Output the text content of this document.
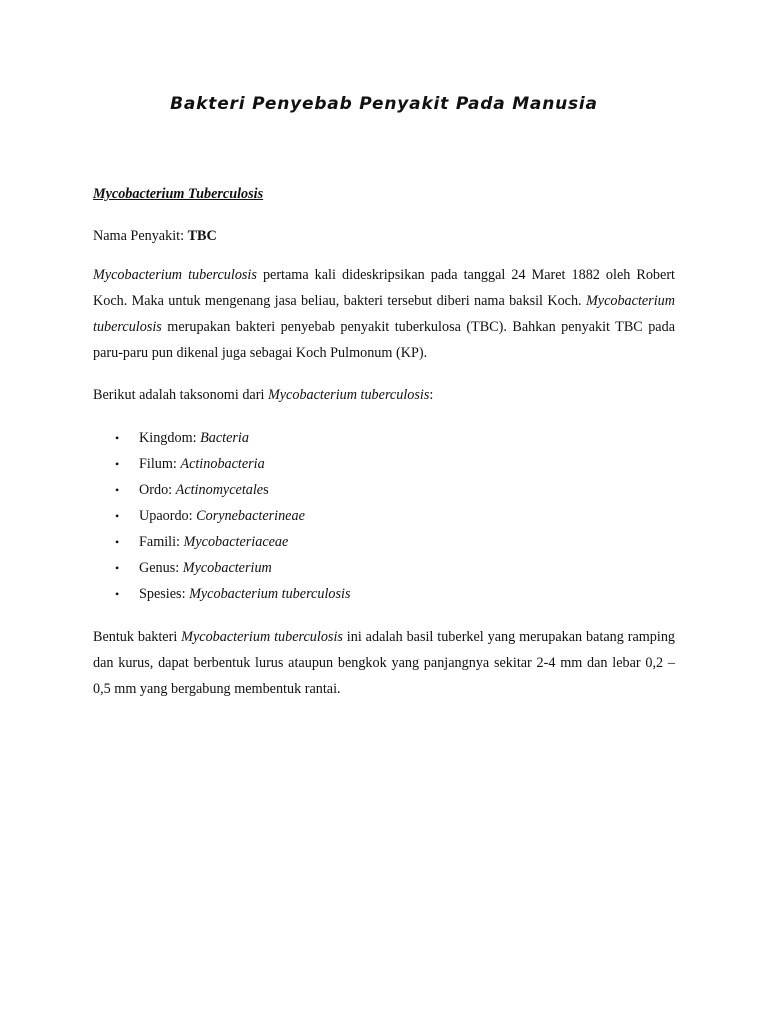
Bakteri Penyebab Penyakit Pada Manusia
Mycobacterium Tuberculosis
Nama Penyakit: TBC
Mycobacterium tuberculosis pertama kali dideskripsikan pada tanggal 24 Maret 1882 oleh Robert Koch. Maka untuk mengenang jasa beliau, bakteri tersebut diberi nama baksil Koch. Mycobacterium tuberculosis merupakan bakteri penyebab penyakit tuberkulosa (TBC). Bahkan penyakit TBC pada paru-paru pun dikenal juga sebagai Koch Pulmonum (KP).
Berikut adalah taksonomi dari Mycobacterium tuberculosis:
• Kingdom: Bacteria
• Filum: Actinobacteria
• Ordo: Actinomycetales
• Upaordo: Corynebacterineae
• Famili: Mycobacteriaceae
• Genus: Mycobacterium
• Spesies: Mycobacterium tuberculosis
Bentuk bakteri Mycobacterium tuberculosis ini adalah basil tuberkel yang merupakan batang ramping dan kurus, dapat berbentuk lurus ataupun bengkok yang panjangnya sekitar 2-4 mm dan lebar 0,2 – 0,5 mm yang bergabung membentuk rantai.
